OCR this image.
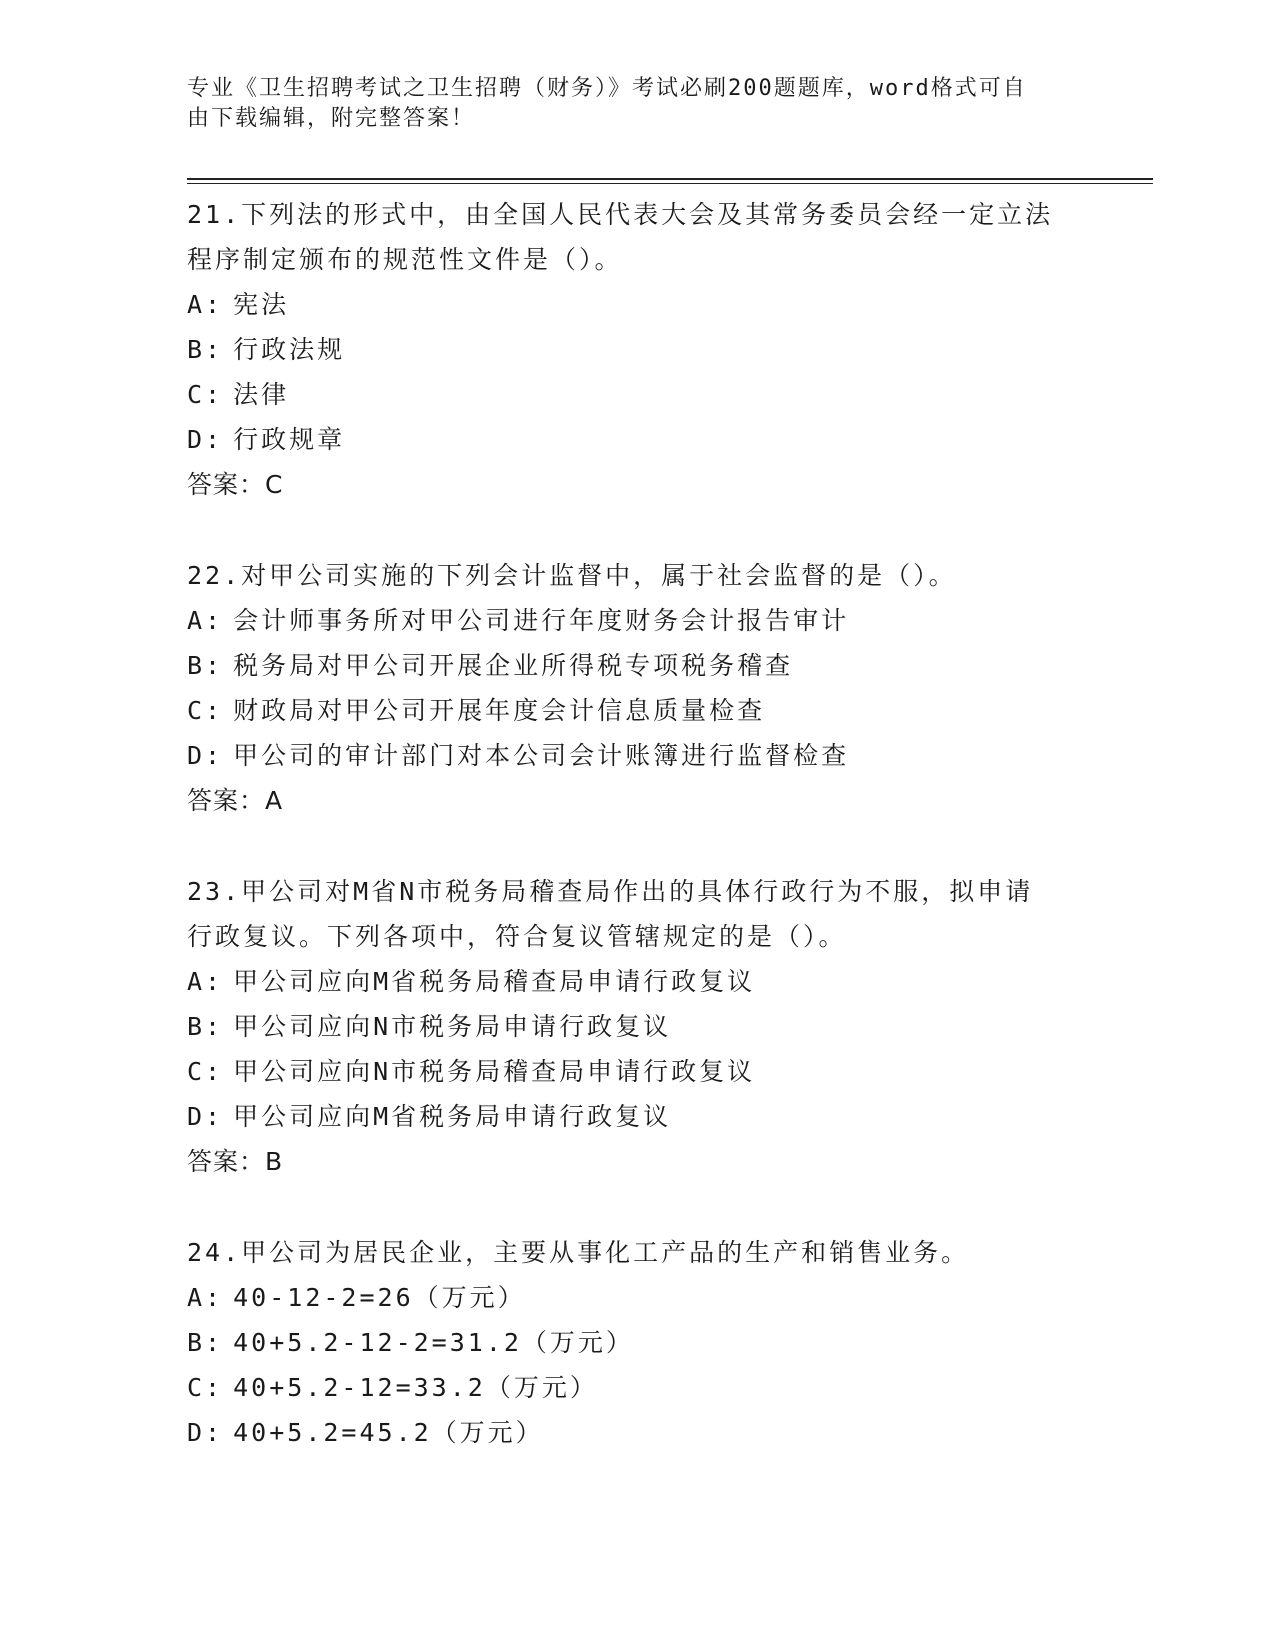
专业《卫生招聘考试之卫生招聘（财务）》考试必刷200题题库，word格式可自
由下载编辑，附完整答案！

21.下列法的形式中，由全国人民代表大会及其常务委员会经一定立法

程序制定颁布的规范性文件是（）。

A: 宪法
B: 行政法规
C: 法律
D: 行政规章
答案： C

22.对甲公司实施的下列会计监督中，属于社会监督的是（）。

A: 会计师事务所对甲公司进行年度财务会计报告审计
B: 税务局对甲公司开展企业所得税专项税务稽查
C: 财政局对甲公司开展年度会计信息质量检查
D: 甲公司的审计部门对本公司会计账簿进行监督检查
答案： A

23.甲公司对M省N市税务局稽查局作出的具体行政行为不服，拟申请

行政复议。下列各项中，符合复议管辖规定的是（）。

A: 甲公司应向M省税务局稽查局申请行政复议
B: 甲公司应向N市税务局申请行政复议
C: 甲公司应向N市税务局稽查局申请行政复议
D: 甲公司应向M省税务局申请行政复议
答案： B

24.甲公司为居民企业，主要从事化工产品的生产和销售业务。

A: 40-12-2=26（万元）
B: 40+5.2-12-2=31.2（万元）
C: 40+5.2-12=33.2（万元）
D: 40+5.2=45.2（万元）
